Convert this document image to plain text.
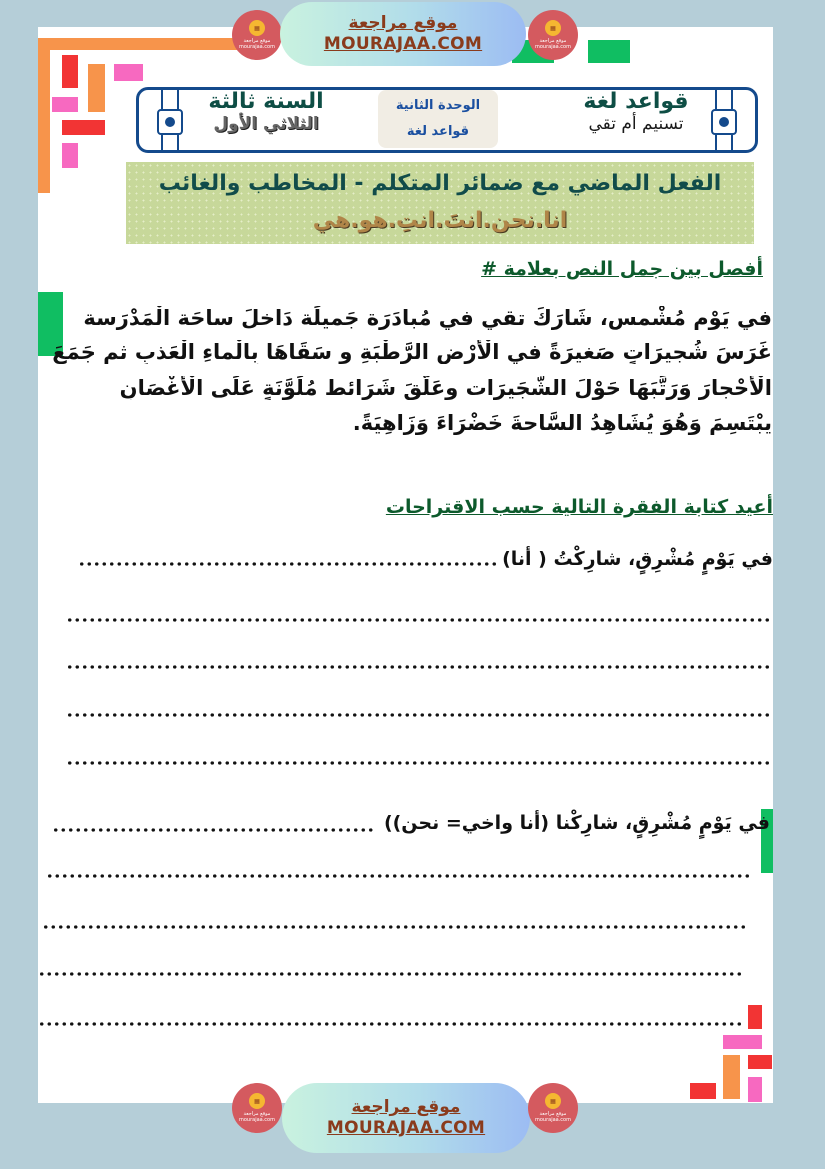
▦
موقع مراجعة mourajaa.com
موقع مراجعة
MOURAJAA.COM
▦
موقع مراجعة mourajaa.com
قواعد لغة
تسنيم أم تقي
الوحدة الثانية
قواعد لغة
السنة ثالثة
الثلاثي الأول
الفعل الماضي مع ضمائر المتكلم - المخاطب والغائب
انا.نحن.انتَ.انتِ.هو.هي
أفصل بين جمل النص بعلامة #
في يَوْمٍ مُشْمس، شَارَكَ تقي في مُبادَرَة جَميلَة دَاخلَ ساحَة الْمَدْرَسة
غَرَسَ شُجيرَاتٍ صَغيرَةً في الْأَرْضِ الرَّطْبَةِ و سَقَاهَا بِالْماءِ الْعَذبِ ثم جَمَعَ
الْأَحْجارَ وَرَتَّبَهَا حَوْلَ الشُّجَيرَات وعَلَّقَ شَرَائط مُلَوَّنَةٍ عَلَى الْأَغْصَانِ
يبْتَسِمَ وَهُوَ يُشَاهِدُ السَّاحةَ خَضْرَاءَ وَزَاهِيَةً.
أعيد كتابة الفقرة التالية حسب الاقتراحات
في يَوْمٍ مُشْرِقٍ، شارِكْتُ ( أنا)
في يَوْمٍ مُشْرِقٍ، شارِكْنا (أنا واخي= نحن))
▦
موقع مراجعة mourajaa.com
موقع مراجعة
MOURAJAA.COM
▦
موقع مراجعة mourajaa.com
